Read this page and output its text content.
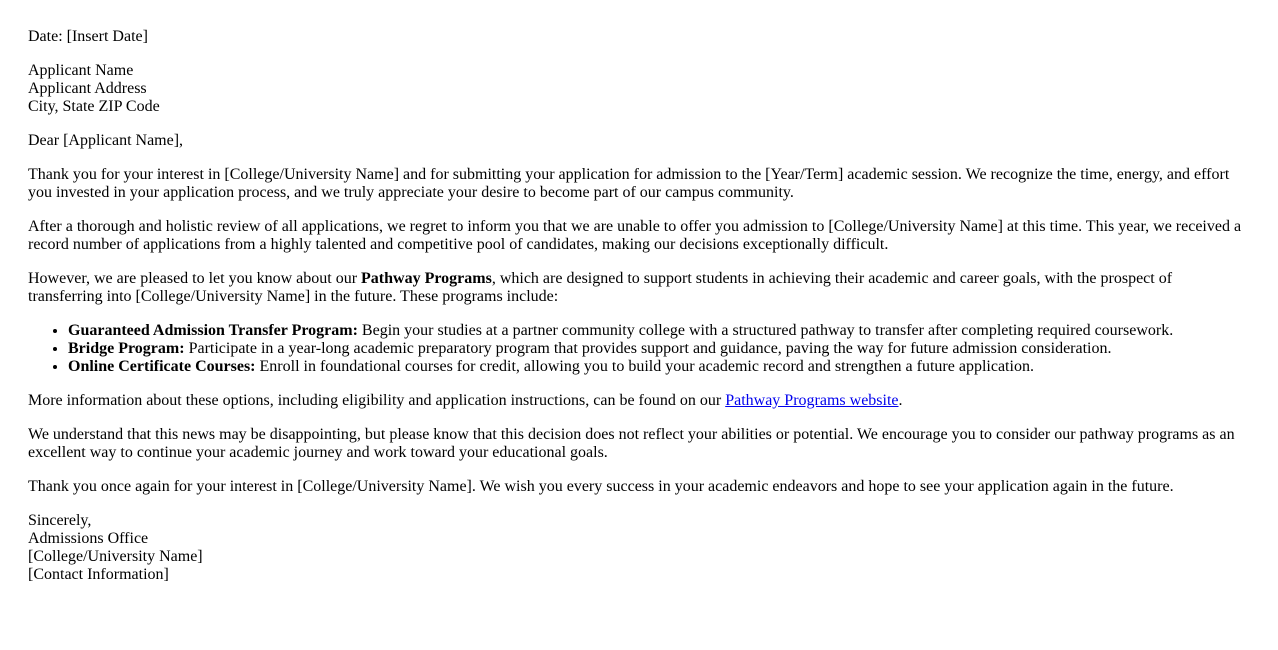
Date: [Insert Date]

Applicant Name
Applicant Address
City, State ZIP Code

Dear [Applicant Name],

Thank you for your interest in [College/University Name] and for submitting your application for admission to the [Year/Term] academic session. We recognize the time, energy, and effort you invested in your application process, and we truly appreciate your desire to become part of our campus community.

After a thorough and holistic review of all applications, we regret to inform you that we are unable to offer you admission to [College/University Name] at this time. This year, we received a record number of applications from a highly talented and competitive pool of candidates, making our decisions exceptionally difficult.

However, we are pleased to let you know about our Pathway Programs, which are designed to support students in achieving their academic and career goals, with the prospect of transferring into [College/University Name] in the future. These programs include:

• Guaranteed Admission Transfer Program: Begin your studies at a partner community college with a structured pathway to transfer after completing required coursework.
• Bridge Program: Participate in a year-long academic preparatory program that provides support and guidance, paving the way for future admission consideration.
• Online Certificate Courses: Enroll in foundational courses for credit, allowing you to build your academic record and strengthen a future application.

More information about these options, including eligibility and application instructions, can be found on our Pathway Programs website.

We understand that this news may be disappointing, but please know that this decision does not reflect your abilities or potential. We encourage you to consider our pathway programs as an excellent way to continue your academic journey and work toward your educational goals.

Thank you once again for your interest in [College/University Name]. We wish you every success in your academic endeavors and hope to see your application again in the future.

Sincerely,
Admissions Office
[College/University Name]
[Contact Information]
